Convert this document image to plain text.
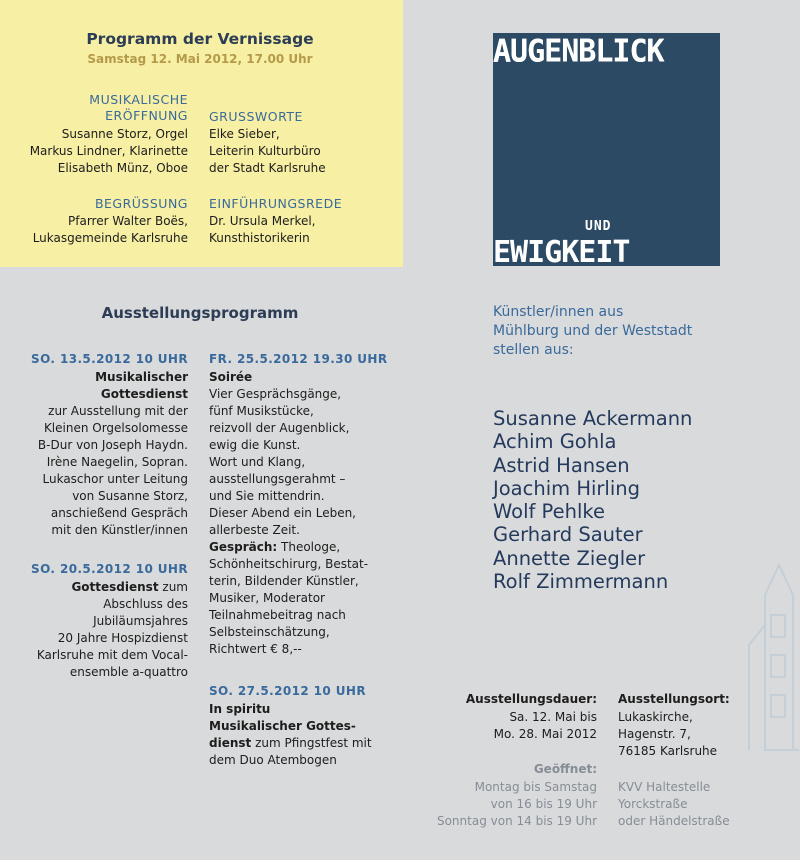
Programm der Vernissage
Samstag 12. Mai 2012, 17.00 Uhr
MUSIKALISCHE
ERÖFFNUNG
Susanne Storz, Orgel
Markus Lindner, Klarinette
Elisabeth Münz, Oboe
GRUSSWORTE
Elke Sieber,
Leiterin Kulturbüro
der Stadt Karlsruhe
BEGRÜSSUNG
Pfarrer Walter Boës,
Lukasgemeinde Karlsruhe
EINFÜHRUNGSREDE
Dr. Ursula Merkel,
Kunsthistorikerin
Ausstellungsprogramm
SO. 13.5.2012 10 UHR
Musikalischer
Gottesdienst
zur Ausstellung mit der
Kleinen Orgelsolomesse
B-Dur von Joseph Haydn.
Irène Naegelin, Sopran.
Lukaschor unter Leitung
von Susanne Storz,
anschießend Gespräch
mit den Künstler/innen
SO. 20.5.2012 10 UHR
Gottesdienst zum
Abschluss des
Jubiläumsjahres
20 Jahre Hospizdienst
Karlsruhe mit dem Vocal-
ensemble a-quattro
FR. 25.5.2012 19.30 UHR
Soirée
Vier Gesprächsgänge,
fünf Musikstücke,
reizvoll der Augenblick,
ewig die Kunst.
Wort und Klang,
ausstellungsgerahmt –
und Sie mittendrin.
Dieser Abend ein Leben,
allerbeste Zeit.
Gespräch: Theologe,
Schönheitschirurg, Bestat-
terin, Bildender Künstler,
Musiker, Moderator
Teilnahmebeitrag nach
Selbsteinschätzung,
Richtwert € 8,--
SO. 27.5.2012 10 UHR
In spiritu
Musikalischer Gottes-
dienst zum Pfingstfest mit
dem Duo Atembogen
AUGENBLICK
UND
EWIGKEIT
Künstler/innen aus
Mühlburg und der Weststadt
stellen aus:
Susanne Ackermann
Achim Gohla
Astrid Hansen
Joachim Hirling
Wolf Pehlke
Gerhard Sauter
Annette Ziegler
Rolf Zimmermann
Ausstellungsdauer:
Sa. 12. Mai bis
Mo. 28. Mai 2012
Ausstellungsort:
Lukaskirche,
Hagenstr. 7,
76185 Karlsruhe
Geöffnet:
Montag bis Samstag
von 16 bis 19 Uhr
Sonntag von 14 bis 19 Uhr
KVV Haltestelle
Yorckstraße
oder Händelstraße
